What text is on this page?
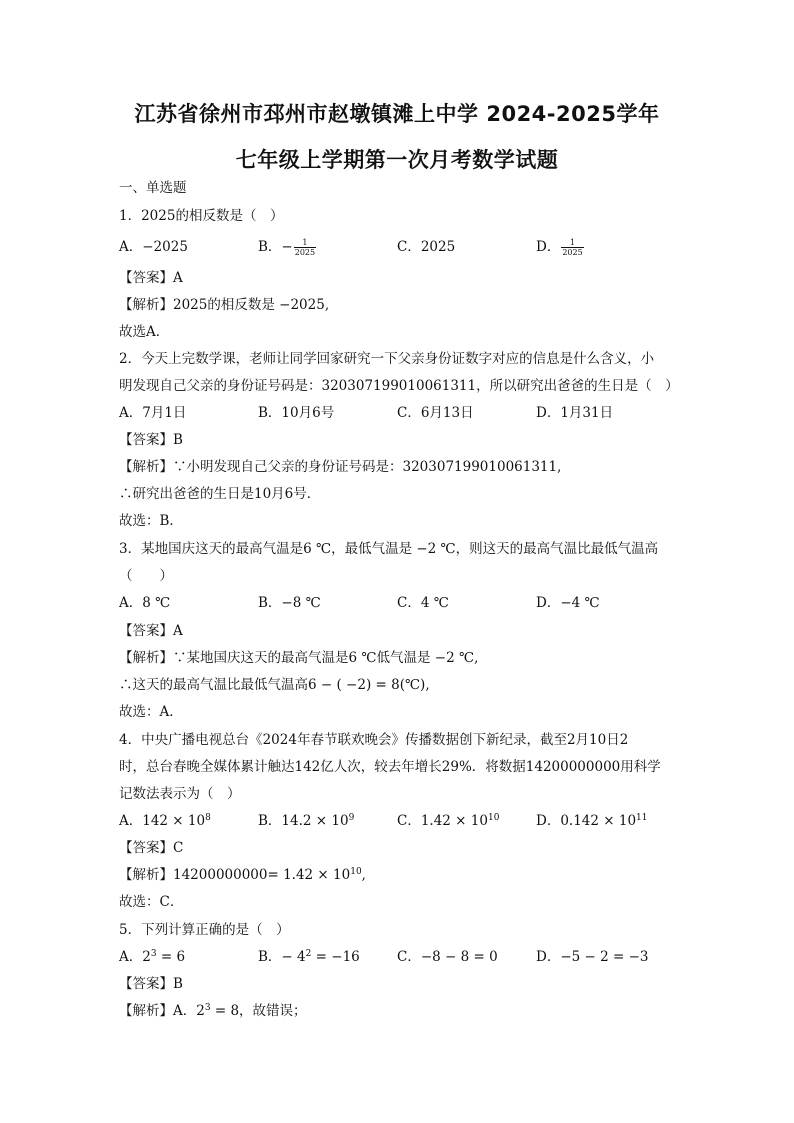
江苏省徐州市邳州市赵墩镇滩上中学 2024-2025学年
七年级上学期第一次月考数学试题
一、单选题
1．2025的相反数是（　）
A．−2025	B．− $\frac{1}{2025}$	C．2025	D． $\frac{1}{2025}$
【答案】A
【解析】2025的相反数是 −2025,
故选A．
2．今天上完数学课，老师让同学回家研究一下父亲身份证数字对应的信息是什么含义，小
明发现自己父亲的身份证号码是：320307199010061311，所以研究出爸爸的生日是（　）
A．7月1日	B．10月6号	C．6月13日	D．1月31日
【答案】B
【解析】∵小明发现自己父亲的身份证号码是：320307199010061311,
∴研究出爸爸的生日是10月6号．
故选：B．
3．某地国庆这天的最高气温是6 ℃，最低气温是 −2 ℃，则这天的最高气温比最低气温高
（　　）
A．8 ℃	B．−8 ℃	C．4 ℃	D．−4 ℃
【答案】A
【解析】∵某地国庆这天的最高气温是6 ℃低气温是 −2 ℃,
∴这天的最高气温比最低气温高6 − ( −2) = 8(℃),
故选：A．
4．中央广播电视总台《2024年春节联欢晚会》传播数据创下新纪录，截至2月10日2
时，总台春晚全媒体累计触达142亿人次，较去年增长29%．将数据14200000000用科学
记数法表示为（　）
A．$142 \times 10^8$	B．$14.2 \times 10^9$	C．$1.42 \times 10^{10}$	D．$0.142 \times 10^{11}$
【答案】C
【解析】$14200000000= 1.42 \times 10^{10}$,
故选：C．
5．下列计算正确的是（　）
A．$2^3 = 6$	B．− $4^2 = -16$	C．−8 − 8 = 0	D．−5 − 2 = −3
【答案】B
【解析】A．$2^3 = 8$，故错误；
